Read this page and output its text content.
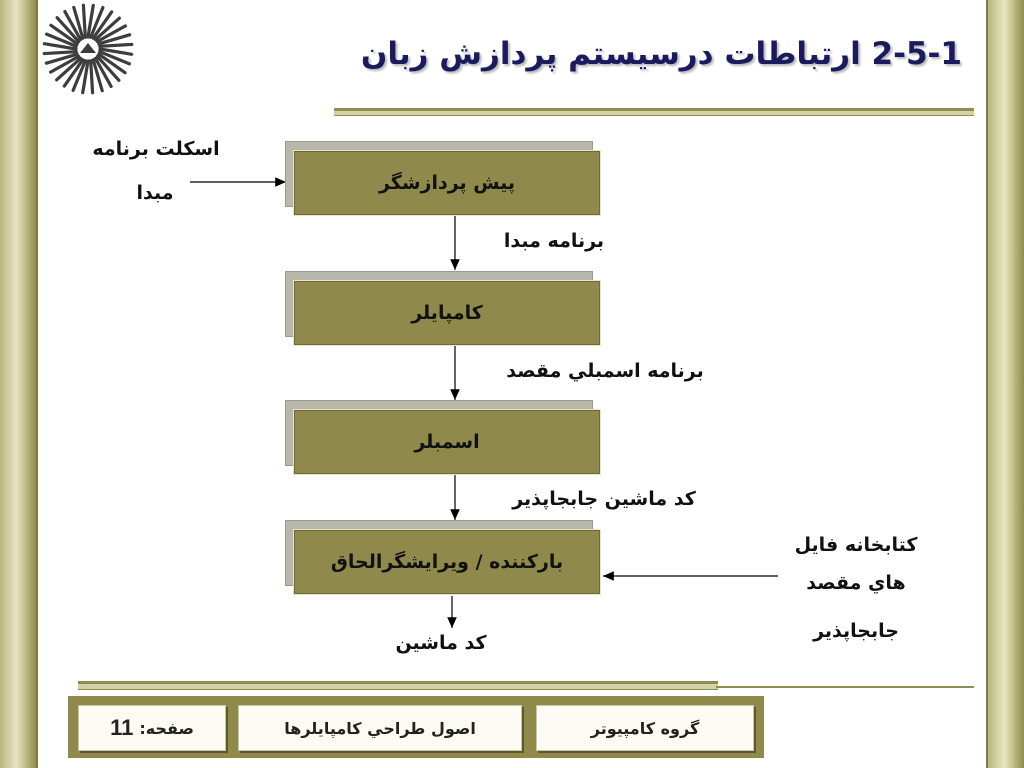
2-5-1 ارتباطات درسيستم پردازش زبان
پيش پردازشگر
کامپايلر
اسمبلر
بارکننده / ويرايشگرالحاق
اسکلت برنامه
مبدا
برنامه مبدا
برنامه اسمبلي مقصد
کد ماشين جابجاپذير
کد ماشين
کتابخانه فايل
هاي مقصد
جابجاپذير
گروه کامپيوتر
اصول طراحي کامپايلرها
صفحه:
11
